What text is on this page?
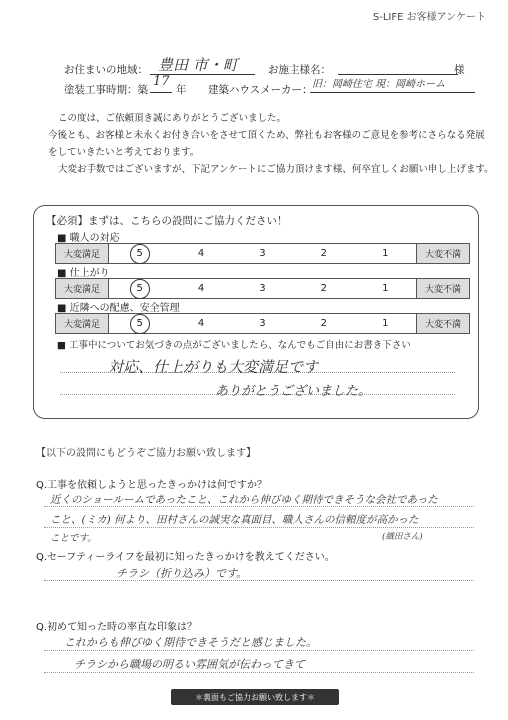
S-LIFE お客様アンケート
お住まいの地域： 豊田 市・町	お施主様名：	様
塗装工事時期：築
17
年 建築ハウスメーカー： 旧：岡崎住宅 現：岡崎ホーム

この度は、ご依頼頂き誠にありがとうございました。

今後とも、お客様と未永くお付き合いをさせて頂くため、弊社もお客様のご意見を参考にさらなる発展

をしていきたいと考えております。

大変お手数ではございますが、下記アンケートにご協力頂けます様、何卒宜しくお願い申し上げます。

【必須】まずは、こちらの設問にご協力ください！
■ 職人の対応
大変満足	5	4	3	2	1	大変不満
■ 仕上がり
大変満足	5	4	3	2	1	大変不満
■ 近隣への配慮、安全管理
大変満足	5	4	3	2	1	大変不満
■ 工事中についてお気づきの点がございましたら、なんでもご自由にお書き下さい
対応、仕上がりも大変満足です
ありがとうございました。
【以下の設問にもどうぞご協力お願い致します】
Q.工事を依頼しようと思ったきっかけは何ですか？
近くのショールームであったこと、これから伸びゆく期待できそうな会社であった
こと、(ミカ) 何より、田村さんの誠実な真面目、職人さんの信頼度が高かった
(織田さん)
ことです。
Q.セーフティーライフを最初に知ったきっかけを教えてください。
チラシ（折り込み）です。
Q.初めて知った時の率直な印象は？
これからも伸びゆく期待できそうだと感じました。
チラシから職場の明るい雰囲気が伝わってきて
＊裏面もご協力お願い致します＊
